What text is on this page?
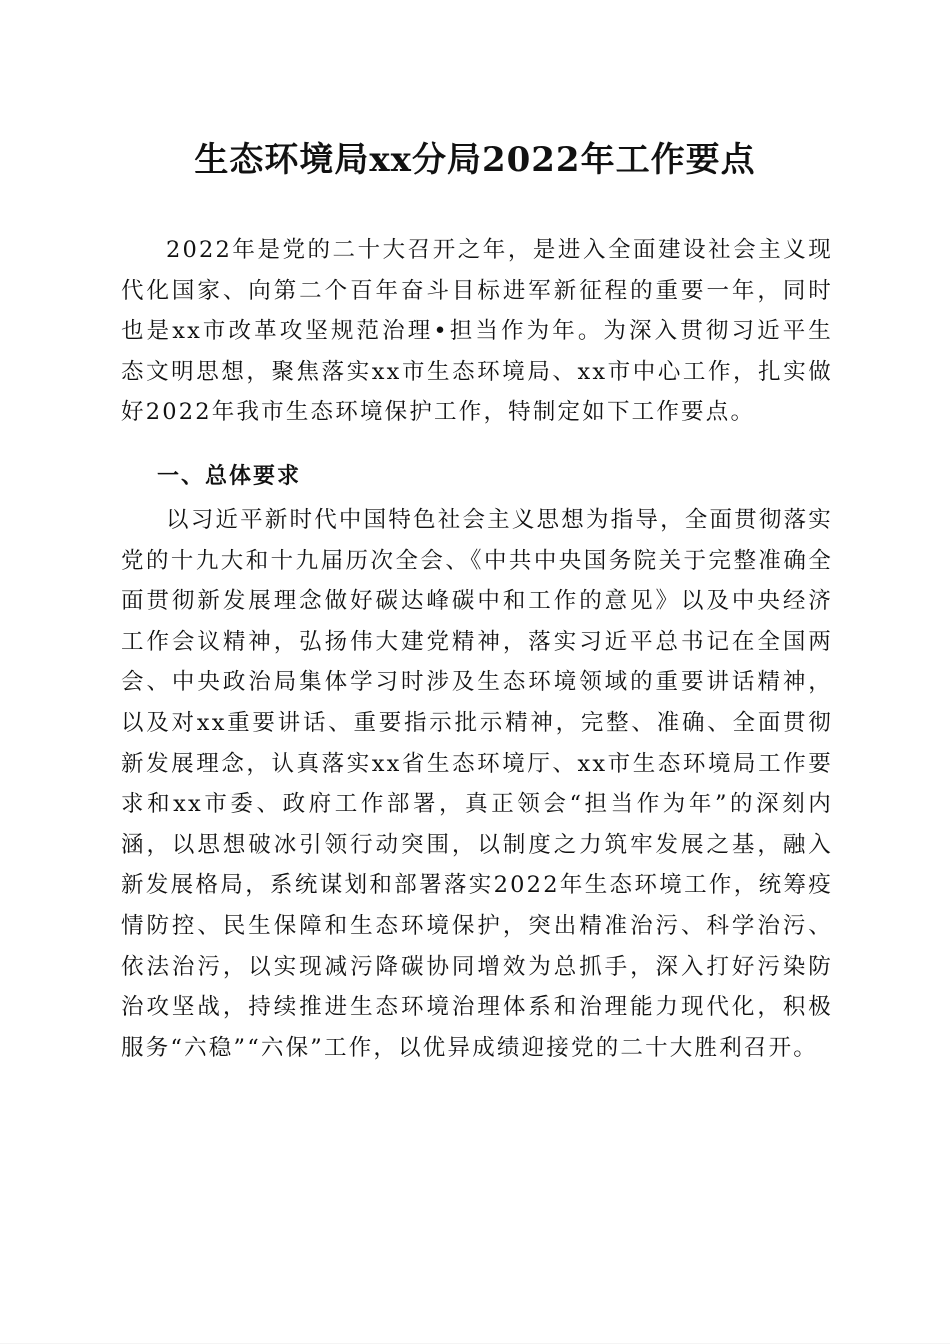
生态环境局xx分局2022年工作要点

2022年是党的二十大召开之年，是进入全面建设社会主义现代化国家、向第二个百年奋斗目标进军新征程的重要一年，同时也是xx市改革攻坚规范治理•担当作为年。为深入贯彻习近平生态文明思想，聚焦落实xx市生态环境局、xx市中心工作，扎实做好2022年我市生态环境保护工作，特制定如下工作要点。

一、总体要求

以习近平新时代中国特色社会主义思想为指导，全面贯彻落实党的十九大和十九届历次全会、《中共中央国务院关于完整准确全面贯彻新发展理念做好碳达峰碳中和工作的意见》以及中央经济工作会议精神，弘扬伟大建党精神，落实习近平总书记在全国两会、中央政治局集体学习时涉及生态环境领域的重要讲话精神，以及对xx重要讲话、重要指示批示精神，完整、准确、全面贯彻新发展理念，认真落实xx省生态环境厅、xx市生态环境局工作要求和xx市委、政府工作部署，真正领会“担当作为年”的深刻内涵，以思想破冰引领行动突围，以制度之力筑牢发展之基，融入新发展格局，系统谋划和部署落实2022年生态环境工作，统筹疫情防控、民生保障和生态环境保护，突出精准治污、科学治污、依法治污，以实现减污降碳协同增效为总抓手，深入打好污染防治攻坚战，持续推进生态环境治理体系和治理能力现代化，积极服务“六稳”“六保”工作，以优异成绩迎接党的二十大胜利召开。
